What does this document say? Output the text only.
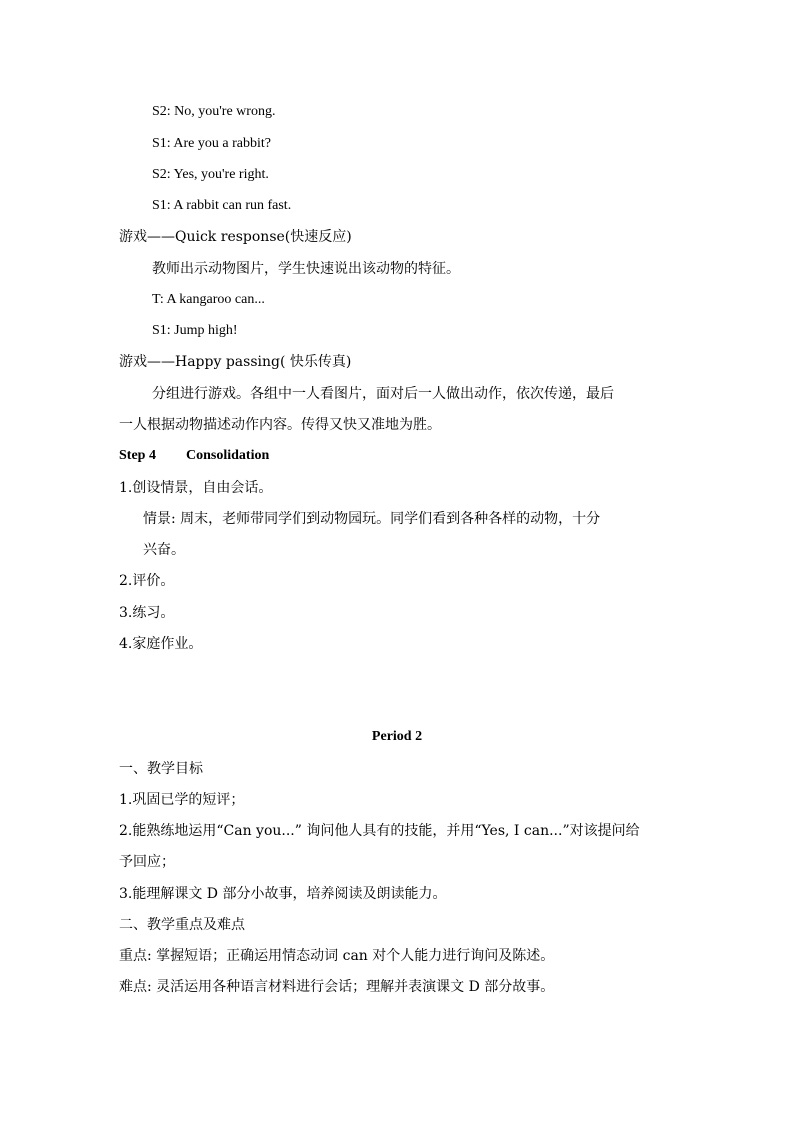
S2: No, you're wrong.
S1: Are you a rabbit?
S2: Yes, you're right.
S1: A rabbit can run fast.
游戏——Quick response(快速反应)
教师出示动物图片，学生快速说出该动物的特征。
T: A kangaroo can...
S1: Jump high!
游戏——Happy passing( 快乐传真)
分组进行游戏。各组中一人看图片，面对后一人做出动作，依次传递，最后
一人根据动物描述动作内容。传得又快又准地为胜。
Step 4 Consolidation
1.创设情景，自由会话。
情景: 周末，老师带同学们到动物园玩。同学们看到各种各样的动物，十分
兴奋。
2.评价。
3.练习。
4.家庭作业。
Period 2
一、教学目标
1.巩固已学的短评；
2.能熟练地运用“Can you...” 询问他人具有的技能，并用“Yes, I can...”对该提问给
予回应；
3.能理解课文 D 部分小故事，培养阅读及朗读能力。
二、教学重点及难点
重点: 掌握短语；正确运用情态动词 can 对个人能力进行询问及陈述。
难点: 灵活运用各种语言材料进行会话；理解并表演课文 D 部分故事。
